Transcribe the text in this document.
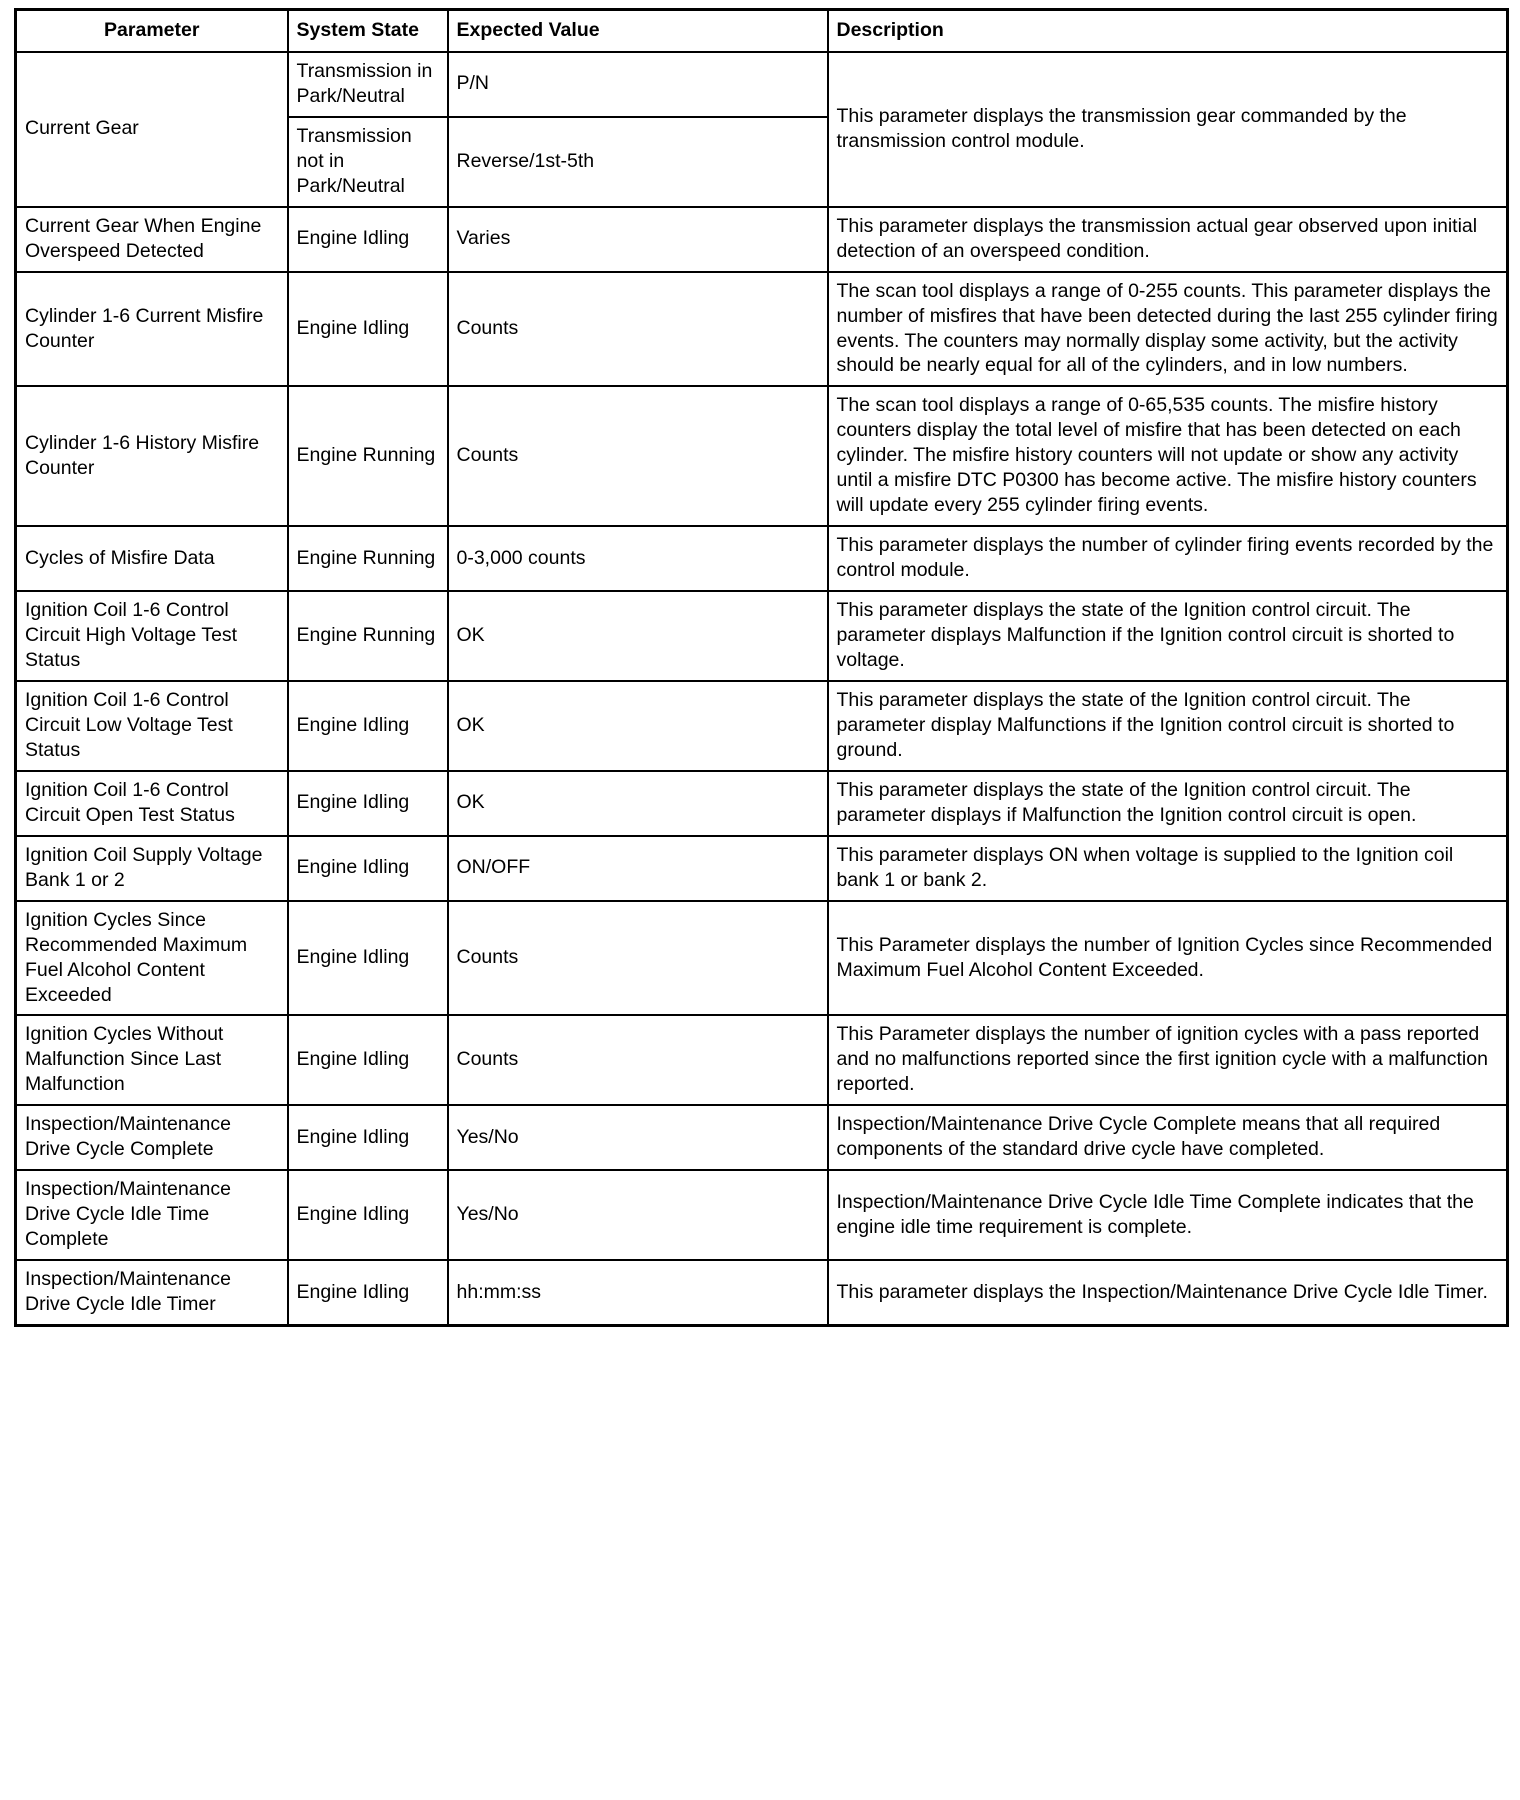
Parameter	System State	Expected Value	Description
Current Gear	Transmission in Park/Neutral	P/N	This parameter displays the transmission gear commanded by the transmission control module.
	Transmission not in Park/Neutral	Reverse/1st-5th	
Current Gear When Engine Overspeed Detected	Engine Idling	Varies	This parameter displays the transmission actual gear observed upon initial detection of an overspeed condition.
Cylinder 1-6 Current Misfire Counter	Engine Idling	Counts	The scan tool displays a range of 0-255 counts. This parameter displays the number of misfires that have been detected during the last 255 cylinder firing events. The counters may normally display some activity, but the activity should be nearly equal for all of the cylinders, and in low numbers.
Cylinder 1-6 History Misfire Counter	Engine Running	Counts	The scan tool displays a range of 0-65,535 counts. The misfire history counters display the total level of misfire that has been detected on each cylinder. The misfire history counters will not update or show any activity until a misfire DTC P0300 has become active. The misfire history counters will update every 255 cylinder firing events.
Cycles of Misfire Data	Engine Running	0-3,000 counts	This parameter displays the number of cylinder firing events recorded by the control module.
Ignition Coil 1-6 Control Circuit High Voltage Test Status	Engine Running	OK	This parameter displays the state of the Ignition control circuit. The parameter displays Malfunction if the Ignition control circuit is shorted to voltage.
Ignition Coil 1-6 Control Circuit Low Voltage Test Status	Engine Idling	OK	This parameter displays the state of the Ignition control circuit. The parameter display Malfunctions if the Ignition control circuit is shorted to ground.
Ignition Coil 1-6 Control Circuit Open Test Status	Engine Idling	OK	This parameter displays the state of the Ignition control circuit. The parameter displays if Malfunction the Ignition control circuit is open.
Ignition Coil Supply Voltage Bank 1 or 2	Engine Idling	ON/OFF	This parameter displays ON when voltage is supplied to the Ignition coil bank 1 or bank 2.
Ignition Cycles Since Recommended Maximum Fuel Alcohol Content Exceeded	Engine Idling	Counts	This Parameter displays the number of Ignition Cycles since Recommended Maximum Fuel Alcohol Content Exceeded.
Ignition Cycles Without Malfunction Since Last Malfunction	Engine Idling	Counts	This Parameter displays the number of ignition cycles with a pass reported and no malfunctions reported since the first ignition cycle with a malfunction reported.
Inspection/Maintenance Drive Cycle Complete	Engine Idling	Yes/No	Inspection/Maintenance Drive Cycle Complete means that all required components of the standard drive cycle have completed.
Inspection/Maintenance Drive Cycle Idle Time Complete	Engine Idling	Yes/No	Inspection/Maintenance Drive Cycle Idle Time Complete indicates that the engine idle time requirement is complete.
Inspection/Maintenance Drive Cycle Idle Timer	Engine Idling	hh:mm:ss	This parameter displays the Inspection/Maintenance Drive Cycle Idle Timer.
